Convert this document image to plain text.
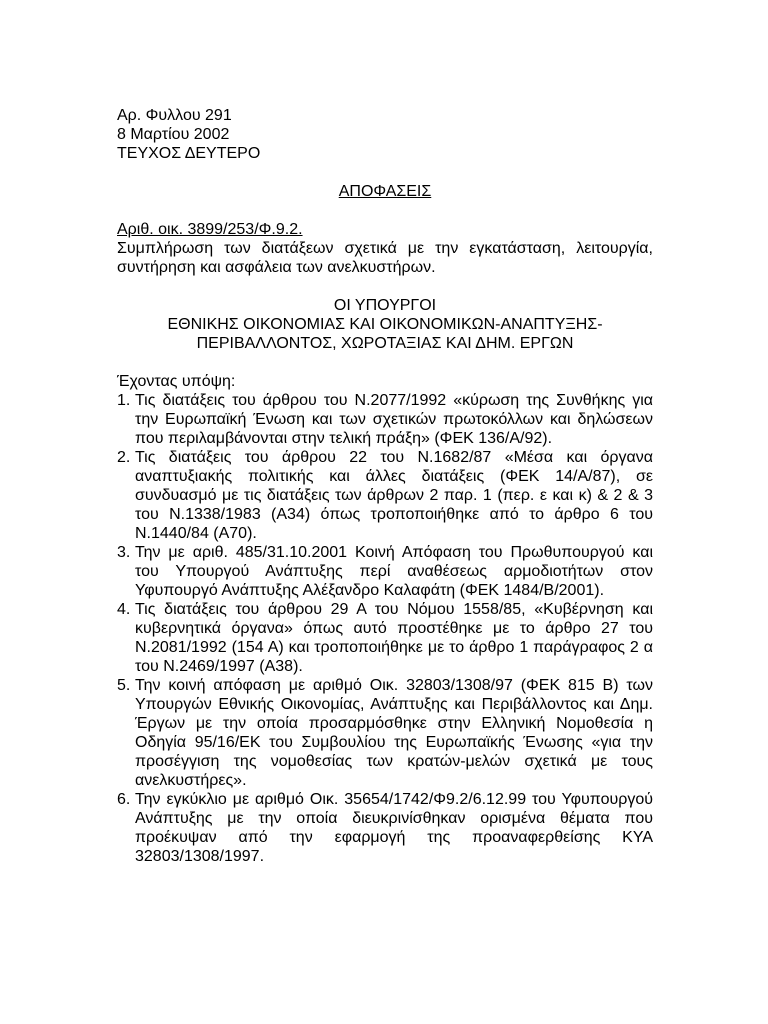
Αρ. Φυλλου 291
8 Μαρτίου 2002
ΤΕΥΧΟΣ ΔΕΥΤΕΡΟ
ΑΠΟΦΑΣΕΙΣ
Αριθ. οικ. 3899/253/Φ.9.2.
Συμπλήρωση των διατάξεων σχετικά με την εγκατάσταση, λειτουργία, συντήρηση και ασφάλεια των ανελκυστήρων.
ΟΙ ΥΠΟΥΡΓΟΙ
ΕΘΝΙΚΗΣ ΟΙΚΟΝΟΜΙΑΣ ΚΑΙ ΟΙΚΟΝΟΜΙΚΩΝ-ΑΝΑΠΤΥΞΗΣ-
ΠΕΡΙΒΑΛΛΟΝΤΟΣ, ΧΩΡΟΤΑΞΙΑΣ ΚΑΙ ΔΗΜ. ΕΡΓΩΝ
Έχοντας υπόψη:
1. Τις διατάξεις του άρθρου του Ν.2077/1992 «κύρωση της Συνθήκης για την Ευρωπαϊκή Ένωση και των σχετικών πρωτοκόλλων και δηλώσεων που περιλαμβάνονται στην τελική πράξη» (ΦΕΚ 136/Α/92).
2. Τις διατάξεις του άρθρου 22 του Ν.1682/87 «Μέσα και όργανα αναπτυξιακής πολιτικής και άλλες διατάξεις (ΦΕΚ 14/Α/87), σε συνδυασμό με τις διατάξεις των άρθρων 2 παρ. 1 (περ. ε και κ) & 2 & 3 του Ν.1338/1983 (Α34) όπως τροποποιήθηκε από το άρθρο 6 του Ν.1440/84 (Α70).
3. Την με αριθ. 485/31.10.2001 Κοινή Απόφαση του Πρωθυπουργού και του Υπουργού Ανάπτυξης περί αναθέσεως αρμοδιοτήτων στον Υφυπουργό Ανάπτυξης Αλέξανδρο Καλαφάτη (ΦΕΚ 1484/Β/2001).
4. Τις διατάξεις του άρθρου 29 Α του Νόμου 1558/85, «Κυβέρνηση και κυβερνητικά όργανα» όπως αυτό προστέθηκε με το άρθρο 27 του Ν.2081/1992 (154 Α) και τροποποιήθηκε με το άρθρο 1 παράγραφος 2 α του Ν.2469/1997 (Α38).
5. Την κοινή απόφαση με αριθμό Οικ. 32803/1308/97 (ΦΕΚ 815 Β) των Υπουργών Εθνικής Οικονομίας, Ανάπτυξης και Περιβάλλοντος και Δημ. Έργων με την οποία προσαρμόσθηκε στην Ελληνική Νομοθεσία η Οδηγία 95/16/ΕΚ του Συμβουλίου της Ευρωπαϊκής Ένωσης «για την προσέγγιση της νομοθεσίας των κρατών-μελών σχετικά με τους ανελκυστήρες».
6. Την εγκύκλιο με αριθμό Οικ. 35654/1742/Φ9.2/6.12.99 του Υφυπουργού Ανάπτυξης με την οποία διευκρινίσθηκαν ορισμένα θέματα που προέκυψαν από την εφαρμογή της προαναφερθείσης ΚΥΑ 32803/1308/1997.
